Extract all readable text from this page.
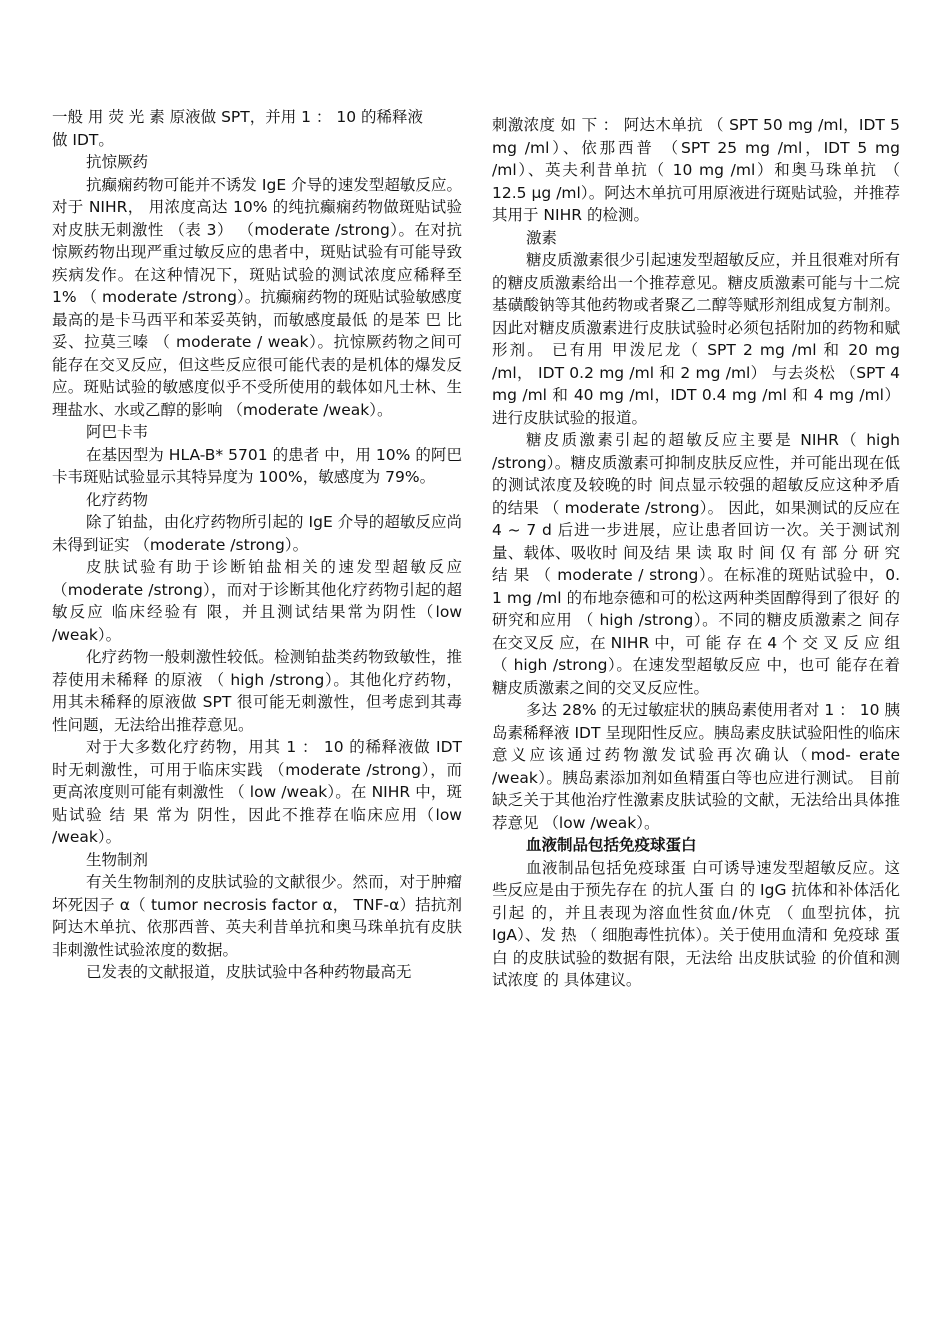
一般 用 荧 光 素 原液做 SPT，并用 1 ： 10 的稀释液

做 IDT。

抗惊厥药

抗癫痫药物可能并不诱发 IgE 介导的速发型超敏反应。对于 NIHR， 用浓度高达 10% 的纯抗癫痫药物做斑贴试验对皮肤无刺激性 （表 3） （moderate /strong）。在对抗惊厥药物出现严重过敏反应的患者中，斑贴试验有可能导致疾病发作。在这种情况下，斑贴试验的测试浓度应稀释至 1% （ moderate /strong）。抗癫痫药物的斑贴试验敏感度最高的是卡马西平和苯妥英钠，而敏感度最低 的是苯 巴 比妥、拉莫三嗪 （ moderate / weak）。抗惊厥药物之间可能存在交叉反应，但这些反应很可能代表的是机体的爆发反应。斑贴试验的敏感度似乎不受所使用的载体如凡士林、生理盐水、水或乙醇的影响 （moderate /weak）。

阿巴卡韦

在基因型为 HLA-B* 5701 的患者 中，用 10% 的阿巴卡韦斑贴试验显示其特异度为 100%，敏感度为 79%。

化疗药物

除了铂盐，由化疗药物所引起的 IgE 介导的超敏反应尚未得到证实 （moderate /strong）。

皮肤试验有助于诊断铂盐相关的速发型超敏反应（moderate /strong），而对于诊断其他化疗药物引起的超敏反应 临床经验有 限，并且测试结果常为阴性（low /weak）。

化疗药物一般刺激性较低。检测铂盐类药物致敏性，推荐使用未稀释 的原液 （ high /strong）。其他化疗药物，用其未稀释的原液做 SPT 很可能无刺激性，但考虑到其毒性问题，无法给出推荐意见。

对于大多数化疗药物，用其 1 ： 10 的稀释液做 IDT 时无刺激性，可用于临床实践 （moderate /strong），而更高浓度则可能有刺激性 （ low /weak）。在 NIHR 中，斑贴试验 结 果 常为 阴性，因此不推荐在临床应用（low /weak）。

生物制剂

有关生物制剂的皮肤试验的文献很少。然而，对于肿瘤坏死因子 α（ tumor necrosis factor α， TNF-α）拮抗剂阿达木单抗、依那西普、英夫利昔单抗和奥马珠单抗有皮肤非刺激性试验浓度的数据。

已发表的文献报道，皮肤试验中各种药物最高无

刺激浓度 如 下 ： 阿达木单抗 （ SPT 50 mg /ml，IDT 5 mg /ml）、依那西普 （SPT 25 mg /ml，IDT 5 mg /ml）、英夫利昔单抗（ 10 mg /ml）和奥马珠单抗 （ 12.5 μg /ml）。阿达木单抗可用原液进行斑贴试验，并推荐其用于 NIHR 的检测。

激素

糖皮质激素很少引起速发型超敏反应，并且很难对所有的糖皮质激素给出一个推荐意见。糖皮质激素可能与十二烷基磺酸钠等其他药物或者聚乙二醇等赋形剂组成复方制剂。因此对糖皮质激素进行皮肤试验时必须包括附加的药物和赋形剂。 已有用 甲泼尼龙（ SPT 2 mg /ml 和 20 mg /ml， IDT 0.2 mg /ml 和 2 mg /ml） 与去炎松 （SPT 4 mg /ml 和 40 mg /ml，IDT 0.4 mg /ml 和 4 mg /ml） 进行皮肤试验的报道。

糖皮质激素引起的超敏反应主要是 NIHR（ high /strong）。糖皮质激素可抑制皮肤反应性，并可能出现在低的测试浓度及较晚的时 间点显示较强的超敏反应这种矛盾 的结果 （ moderate /strong）。 因此，如果测试的反应在 4 ~ 7 d 后进一步进展，应让患者回访一次。关于测试剂量、载体、吸收时 间及结 果 读 取 时 间 仅 有 部 分 研 究 结 果 （ moderate / strong）。在标准的斑贴试验中，0. 1 mg /ml 的布地奈德和可的松这两种类固醇得到了很好 的研究和应用 （ high /strong）。不同的糖皮质激素之 间存在交叉反 应，在 NIHR 中，可 能 存 在 4 个 交 叉 反 应 组（ high /strong）。在速发型超敏反应 中，也可 能存在着糖皮质激素之间的交叉反应性。

多达 28% 的无过敏症状的胰岛素使用者对 1 ： 10 胰岛素稀释液 IDT 呈现阳性反应。胰岛素皮肤试验阳性的临床意义应该通过药物激发试验再次确认（mod- erate /weak）。胰岛素添加剂如鱼精蛋白等也应进行测试。 目前缺乏关于其他治疗性激素皮肤试验的文献，无法给出具体推荐意见 （low /weak）。

血液制品包括免疫球蛋白

血液制品包括免疫球蛋 白可诱导速发型超敏反应。这些反应是由于预先存在 的抗人蛋 白 的 IgG 抗体和补体活化 引起 的，并且表现为溶血性贫血/休克 （ 血型抗体，抗 IgA）、发 热 （ 细胞毒性抗体）。关于使用血清和 免疫球 蛋 白 的皮肤试验的数据有限，无法给 出皮肤试验 的价值和测试浓度 的 具体建议。
